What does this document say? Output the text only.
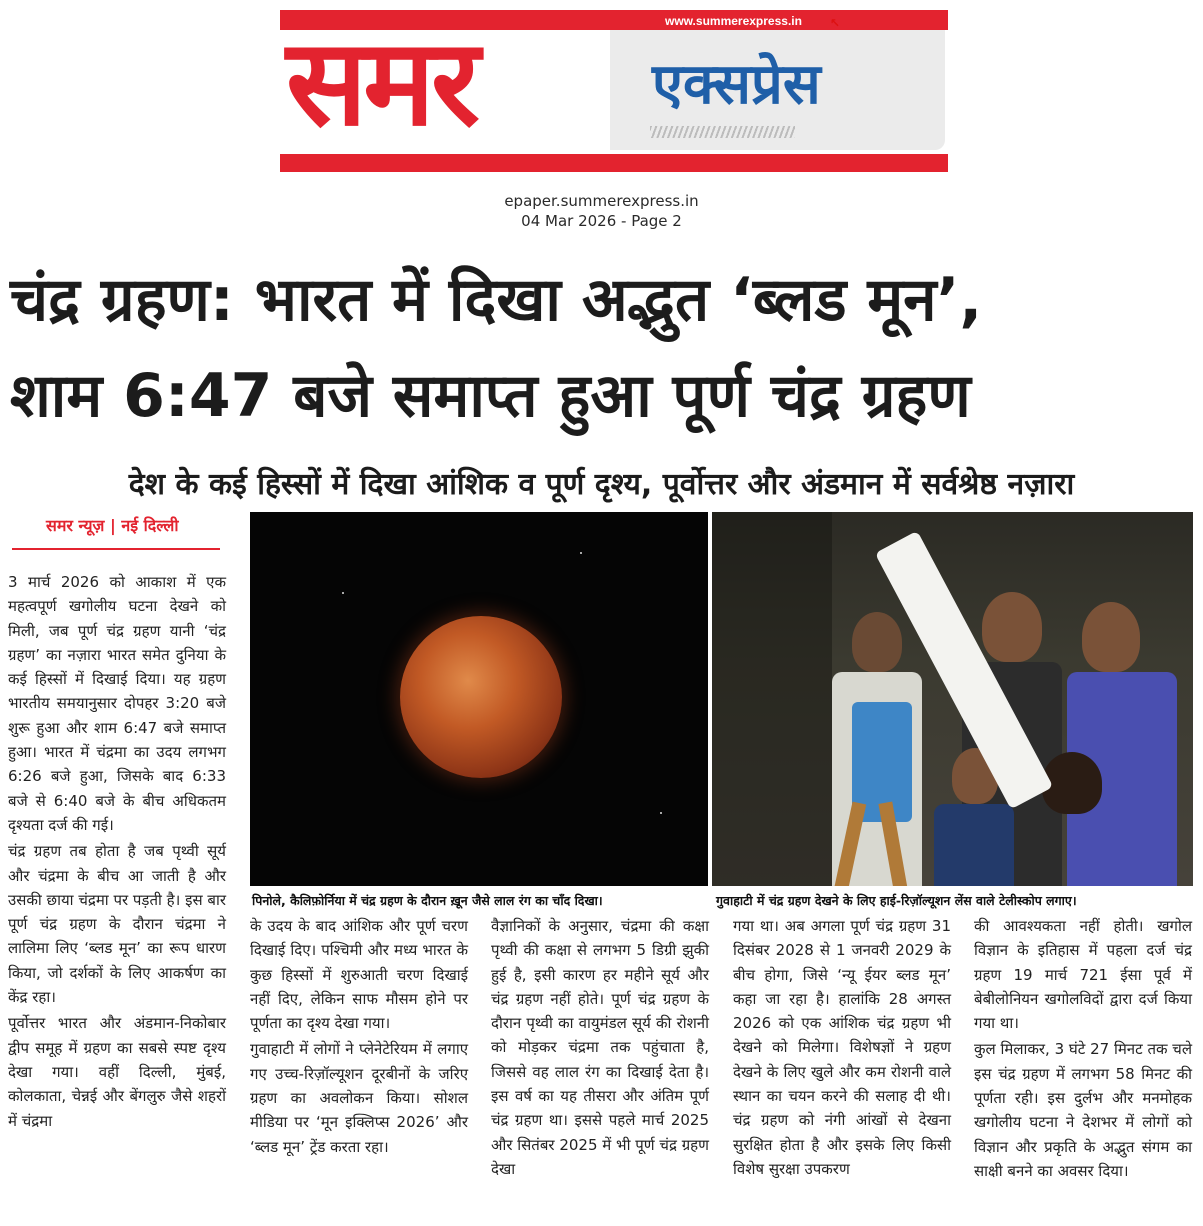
www.summerexpress.in ↖
समर	एक्सप्रेस
epaper.summerexpress.in
04 Mar 2026 - Page 2
चंद्र ग्रहण: भारत में दिखा अद्भुत ‘ब्लड मून’,
शाम 6:47 बजे समाप्त हुआ पूर्ण चंद्र ग्रहण
देश के कई हिस्सों में दिखा आंशिक व पूर्ण दृश्य, पूर्वोत्तर और अंडमान में सर्वश्रेष्ठ नज़ारा
समर न्यूज़ | नई दिल्ली
पिनोले, कैलिफ़ोर्निया में चंद्र ग्रहण के दौरान ख़ून जैसे लाल रंग का चाँद दिखा।	गुवाहाटी में चंद्र ग्रहण देखने के लिए हाई-रिज़ॉल्यूशन लेंस वाले टेलीस्कोप लगाए।

3 मार्च 2026 को आकाश में एक महत्वपूर्ण खगोलीय घटना देखने को मिली, जब पूर्ण चंद्र ग्रहण यानी ‘चंद्र ग्रहण’ का नज़ारा भारत समेत दुनिया के कई हिस्सों में दिखाई दिया। यह ग्रहण भारतीय समयानुसार दोपहर 3:20 बजे शुरू हुआ और शाम 6:47 बजे समाप्त हुआ। भारत में चंद्रमा का उदय लगभग 6:26 बजे हुआ, जिसके बाद 6:33 बजे से 6:40 बजे के बीच अधिकतम दृश्यता दर्ज की गई।

चंद्र ग्रहण तब होता है जब पृथ्वी सूर्य और चंद्रमा के बीच आ जाती है और उसकी छाया चंद्रमा पर पड़ती है। इस बार पूर्ण चंद्र ग्रहण के दौरान चंद्रमा ने लालिमा लिए ‘ब्लड मून’ का रूप धारण किया, जो दर्शकों के लिए आकर्षण का केंद्र रहा।

पूर्वोत्तर भारत और अंडमान-निकोबार द्वीप समूह में ग्रहण का सबसे स्पष्ट दृश्य देखा गया। वहीं दिल्ली, मुंबई, कोलकाता, चेन्नई और बेंगलुरु जैसे शहरों में चंद्रमा

के उदय के बाद आंशिक और पूर्ण चरण दिखाई दिए। पश्चिमी और मध्य भारत के कुछ हिस्सों में शुरुआती चरण दिखाई नहीं दिए, लेकिन साफ मौसम होने पर पूर्णता का दृश्य देखा गया।

गुवाहाटी में लोगों ने प्लेनेटेरियम में लगाए गए उच्च-रिज़ॉल्यूशन दूरबीनों के जरिए ग्रहण का अवलोकन किया। सोशल मीडिया पर ‘मून इक्लिप्स 2026’ और ‘ब्लड मून’ ट्रेंड करता रहा।

वैज्ञानिकों के अनुसार, चंद्रमा की कक्षा पृथ्वी की कक्षा से लगभग 5 डिग्री झुकी हुई है, इसी कारण हर महीने सूर्य और चंद्र ग्रहण नहीं होते। पूर्ण चंद्र ग्रहण के दौरान पृथ्वी का वायुमंडल सूर्य की रोशनी को मोड़कर चंद्रमा तक पहुंचाता है, जिससे वह लाल रंग का दिखाई देता है। इस वर्ष का यह तीसरा और अंतिम पूर्ण चंद्र ग्रहण था। इससे पहले मार्च 2025 और सितंबर 2025 में भी पूर्ण चंद्र ग्रहण देखा

गया था। अब अगला पूर्ण चंद्र ग्रहण 31 दिसंबर 2028 से 1 जनवरी 2029 के बीच होगा, जिसे ‘न्यू ईयर ब्लड मून’ कहा जा रहा है। हालांकि 28 अगस्त 2026 को एक आंशिक चंद्र ग्रहण भी देखने को मिलेगा। विशेषज्ञों ने ग्रहण देखने के लिए खुले और कम रोशनी वाले स्थान का चयन करने की सलाह दी थी। चंद्र ग्रहण को नंगी आंखों से देखना सुरक्षित होता है और इसके लिए किसी विशेष सुरक्षा उपकरण

की आवश्यकता नहीं होती। खगोल विज्ञान के इतिहास में पहला दर्ज चंद्र ग्रहण 19 मार्च 721 ईसा पूर्व में बेबीलोनियन खगोलविदों द्वारा दर्ज किया गया था।

कुल मिलाकर, 3 घंटे 27 मिनट तक चले इस चंद्र ग्रहण में लगभग 58 मिनट की पूर्णता रही। इस दुर्लभ और मनमोहक खगोलीय घटना ने देशभर में लोगों को विज्ञान और प्रकृति के अद्भुत संगम का साक्षी बनने का अवसर दिया।
